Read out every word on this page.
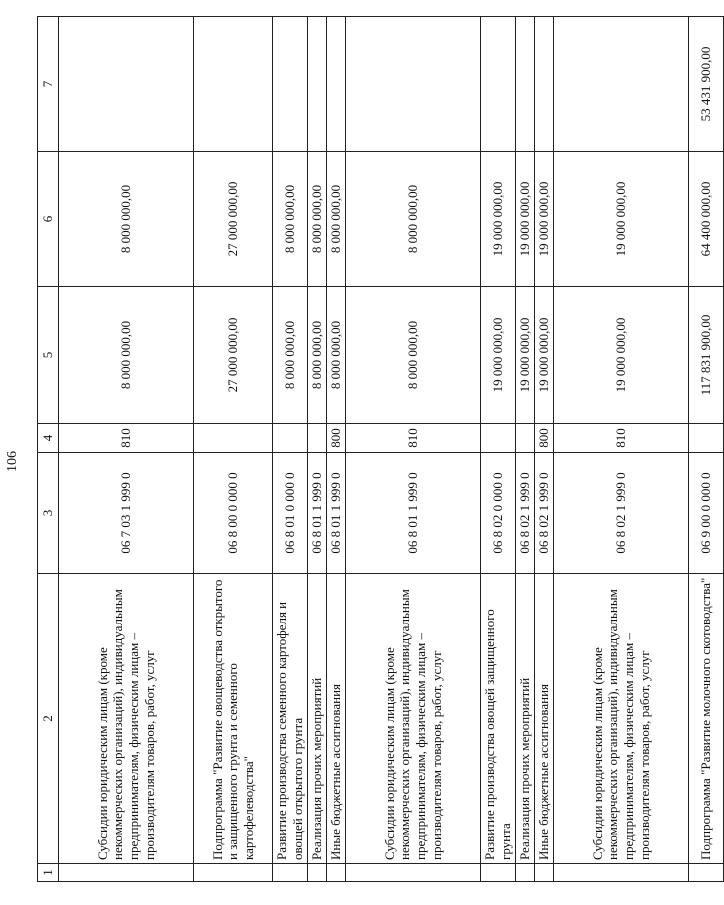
106
1	2	3	4	5	6	7
	Субсидии юридическим лицам (кроме некоммерческих организаций), индивидуальным предпринимателям, физическим лицам – производителям товаров, работ, услуг	06 7 03 1 999 0	810	8 000 000,00	8 000 000,00	
	Подпрограмма "Развитие овощеводства открытого и защищенного грунта и семенного картофелеводства"	06 8 00 0 000 0		27 000 000,00	27 000 000,00	
	Развитие производства семенного картофеля и овощей открытого грунта	06 8 01 0 000 0		8 000 000,00	8 000 000,00	
	Реализация прочих мероприятий	06 8 01 1 999 0		8 000 000,00	8 000 000,00	
	Иные бюджетные ассигнования	06 8 01 1 999 0	800	8 000 000,00	8 000 000,00	
	Субсидии юридическим лицам (кроме некоммерческих организаций), индивидуальным предпринимателям, физическим лицам – производителям товаров, работ, услуг	06 8 01 1 999 0	810	8 000 000,00	8 000 000,00	
	Развитие производства овощей защищенного грунта	06 8 02 0 000 0		19 000 000,00	19 000 000,00	
	Реализация прочих мероприятий	06 8 02 1 999 0		19 000 000,00	19 000 000,00	
	Иные бюджетные ассигнования	06 8 02 1 999 0	800	19 000 000,00	19 000 000,00	
	Субсидии юридическим лицам (кроме некоммерческих организаций), индивидуальным предпринимателям, физическим лицам – производителям товаров, работ, услуг	06 8 02 1 999 0	810	19 000 000,00	19 000 000,00	
	Подпрограмма "Развитие молочного скотоводства"	06 9 00 0 000 0		117 831 900,00	64 400 000,00	53 431 900,00
